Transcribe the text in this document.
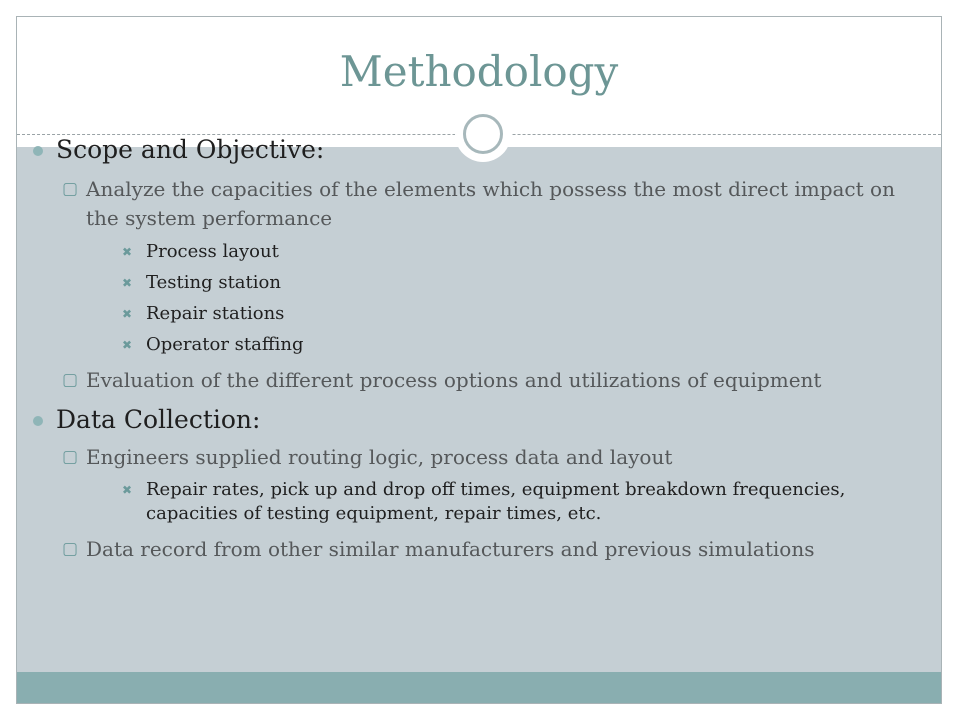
Methodology
Scope and Objective:
▢ Analyze the capacities of the elements which possess the most direct impact on the system performance
✖ Process layout
✖ Testing station
✖ Repair stations
✖ Operator staffing
▢ Evaluation of the different process options and utilizations of equipment
Data Collection:
▢ Engineers supplied routing logic, process data and layout
✖ Repair rates, pick up and drop off times, equipment breakdown frequencies, capacities of testing equipment, repair times, etc.
▢ Data record from other similar manufacturers and previous simulations
